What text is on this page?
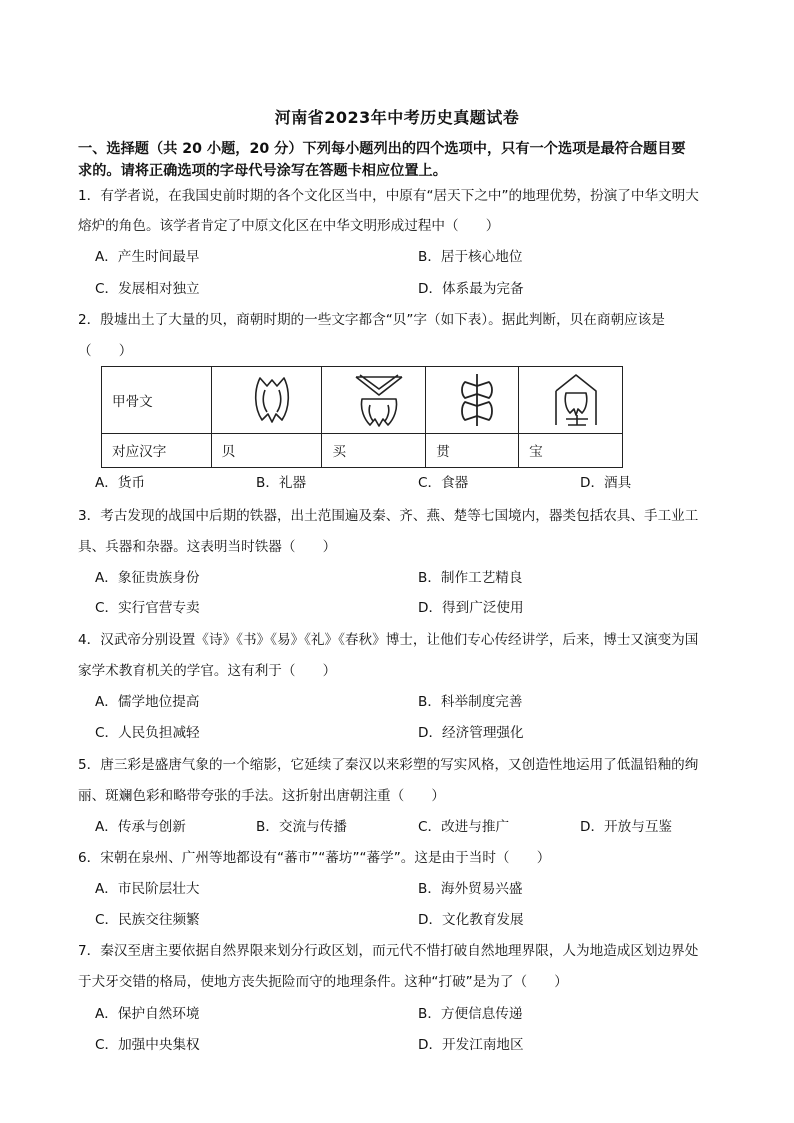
河南省2023年中考历史真题试卷
一、选择题（共 20 小题，20 分）下列每小题列出的四个选项中，只有一个选项是最符合题目要
求的。请将正确选项的字母代号涂写在答题卡相应位置上。
1．有学者说，在我国史前时期的各个文化区当中，中原有“居天下之中”的地理优势，扮演了中华文明大
熔炉的角色。该学者肯定了中原文化区在中华文明形成过程中（　　）
A．产生时间最早	B．居于核心地位
C．发展相对独立	D．体系最为完备
2．殷墟出土了大量的贝，商朝时期的一些文字都含“贝”字（如下表）。据此判断，贝在商朝应该是
（　　）
甲骨文	

对应汉字	贝	买	贯	宝
A．货币	B．礼器	C．食器	D．酒具
3．考古发现的战国中后期的铁器，出土范围遍及秦、齐、燕、楚等七国境内，器类包括农具、手工业工
具、兵器和杂器。这表明当时铁器（　　）
A．象征贵族身份	B．制作工艺精良
C．实行官营专卖	D．得到广泛使用
4．汉武帝分别设置《诗》《书》《易》《礼》《春秋》博士，让他们专心传经讲学，后来，博士又演变为国
家学术教育机关的学官。这有利于（　　）
A．儒学地位提高	B．科举制度完善
C．人民负担减轻	D．经济管理强化
5．唐三彩是盛唐气象的一个缩影，它延续了秦汉以来彩塑的写实风格，又创造性地运用了低温铅釉的绚
丽、斑斓色彩和略带夸张的手法。这折射出唐朝注重（　　）
A．传承与创新	B．交流与传播	C．改进与推广	D．开放与互鉴
6．宋朝在泉州、广州等地都设有“蕃市”“蕃坊”“蕃学”。这是由于当时（　　）
A．市民阶层壮大	B．海外贸易兴盛
C．民族交往频繁	D．文化教育发展
7．秦汉至唐主要依据自然界限来划分行政区划，而元代不惜打破自然地理界限，人为地造成区划边界处
于犬牙交错的格局，使地方丧失扼险而守的地理条件。这种“打破”是为了（　　）
A．保护自然环境	B．方便信息传递
C．加强中央集权	D．开发江南地区
